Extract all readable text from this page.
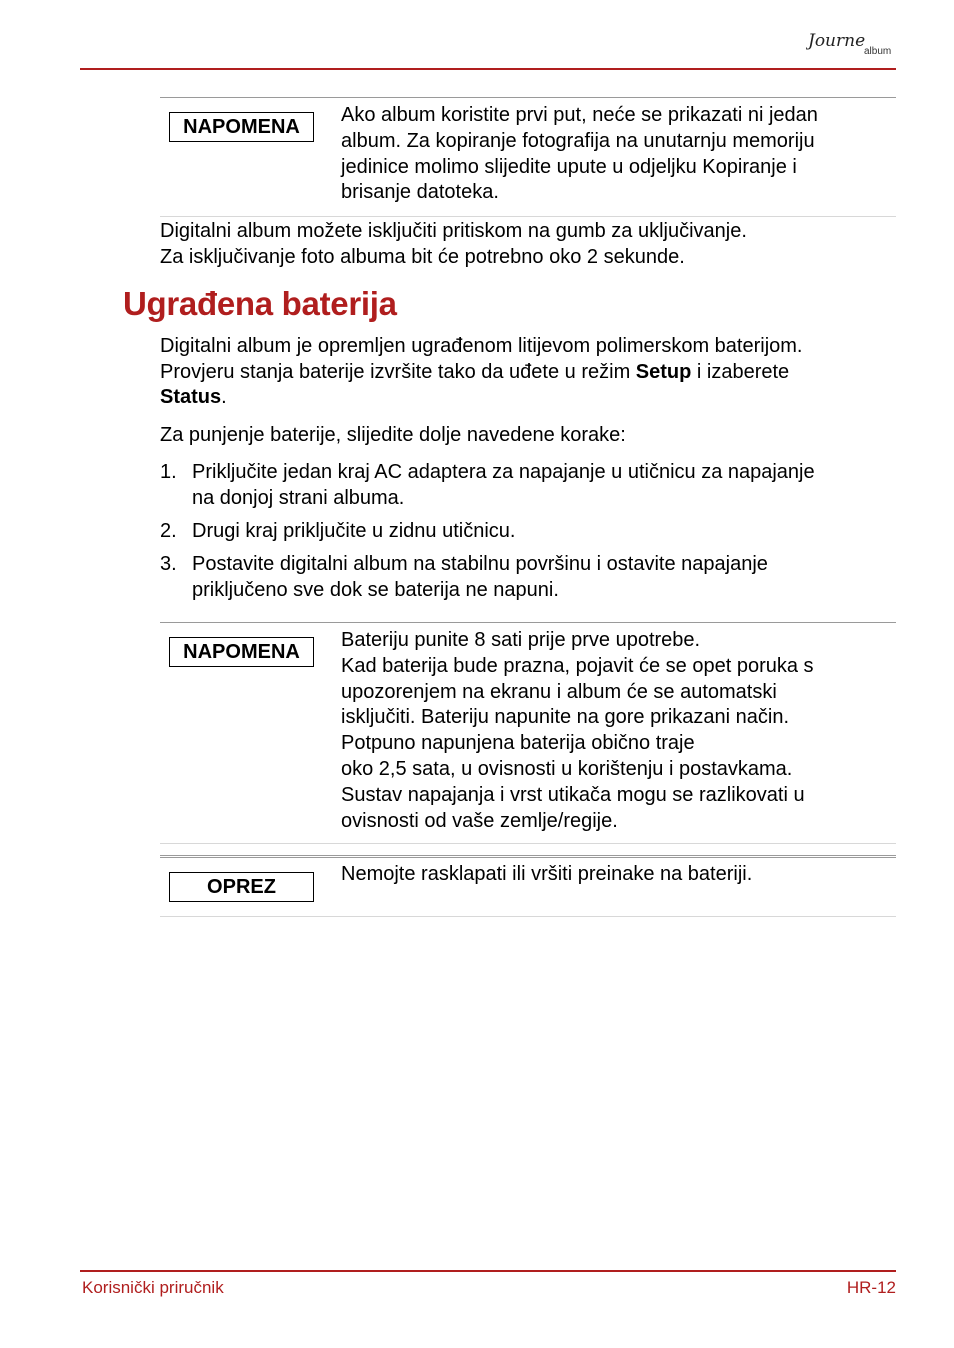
Journe
album
NAPOMENA
Ako album koristite prvi put, neće se prikazati ni jedan
album. Za kopiranje fotografija na unutarnju memoriju
jedinice molimo slijedite upute u odjeljku Kopiranje i
brisanje datoteka.
Digitalni album možete isključiti pritiskom na gumb za uključivanje.
Za isključivanje foto albuma bit će potrebno oko 2 sekunde.
Ugrađena baterija
Digitalni album je opremljen ugrađenom litijevom polimerskom baterijom.
Provjeru stanja baterije izvršite tako da uđete u režim Setup i izaberete
Status.
Za punjenje baterije, slijedite dolje navedene korake:
1. Priključite jedan kraj AC adaptera za napajanje u utičnicu za napajanje
na donjoj strani albuma.
2. Drugi kraj priključite u zidnu utičnicu.
3. Postavite digitalni album na stabilnu površinu i ostavite napajanje
priključeno sve dok se baterija ne napuni.
NAPOMENA
Bateriju punite 8 sati prije prve upotrebe.
Kad baterija bude prazna, pojavit će se opet poruka s
upozorenjem na ekranu i album će se automatski
isključiti. Bateriju napunite na gore prikazani način.
Potpuno napunjena baterija obično traje
oko 2,5 sata, u ovisnosti u korištenju i postavkama.
Sustav napajanja i vrst utikača mogu se razlikovati u
ovisnosti od vaše zemlje/regije.
OPREZ
Nemojte rasklapati ili vršiti preinake na bateriji.
Korisnički priručnik	HR-12
